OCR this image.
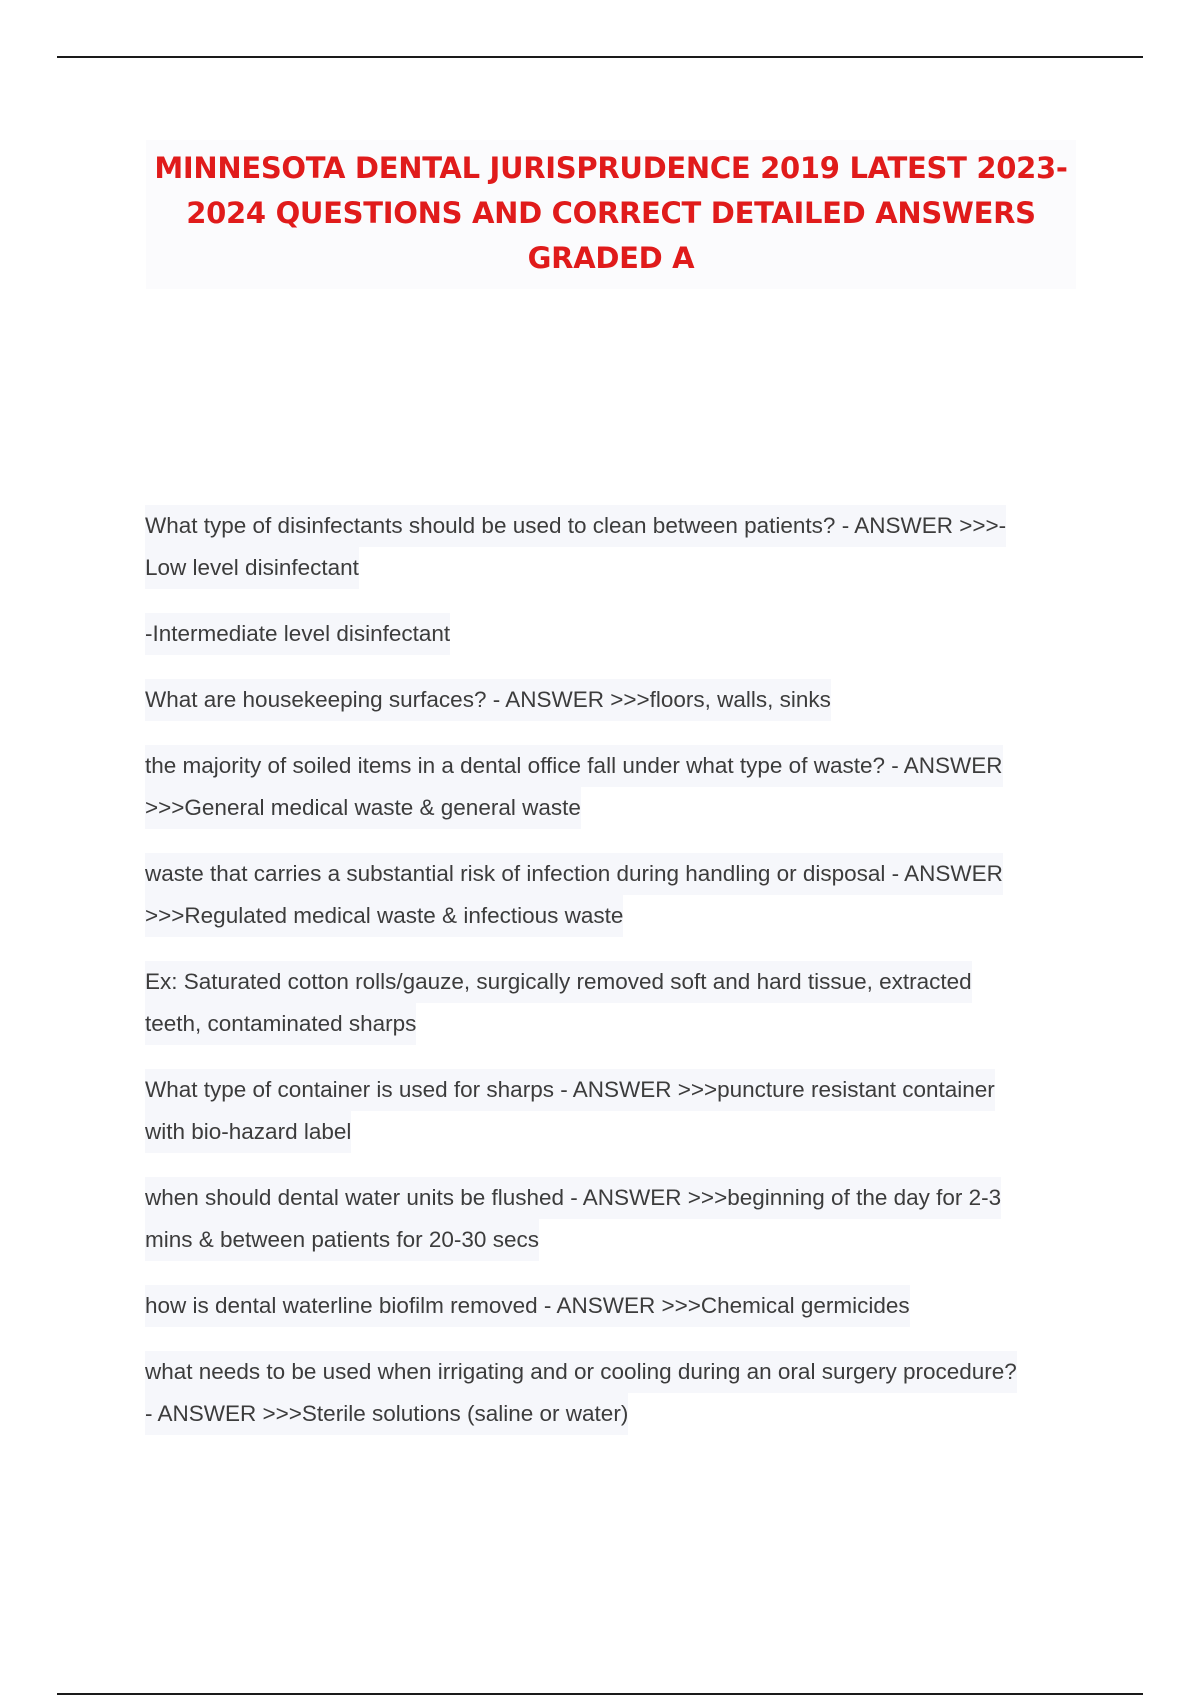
MINNESOTA DENTAL JURISPRUDENCE 2019 LATEST 2023-
2024 QUESTIONS AND CORRECT DETAILED ANSWERS
GRADED A
What type of disinfectants should be used to clean between patients? - ANSWER >>>-
Low level disinfectant
-Intermediate level disinfectant
What are housekeeping surfaces? - ANSWER >>>floors, walls, sinks
the majority of soiled items in a dental office fall under what type of waste? - ANSWER
>>>General medical waste & general waste
waste that carries a substantial risk of infection during handling or disposal - ANSWER
>>>Regulated medical waste & infectious waste
Ex: Saturated cotton rolls/gauze, surgically removed soft and hard tissue, extracted
teeth, contaminated sharps
What type of container is used for sharps - ANSWER >>>puncture resistant container
with bio-hazard label
when should dental water units be flushed - ANSWER >>>beginning of the day for 2-3
mins & between patients for 20-30 secs
how is dental waterline biofilm removed - ANSWER >>>Chemical germicides
what needs to be used when irrigating and or cooling during an oral surgery procedure?
- ANSWER >>>Sterile solutions (saline or water)
